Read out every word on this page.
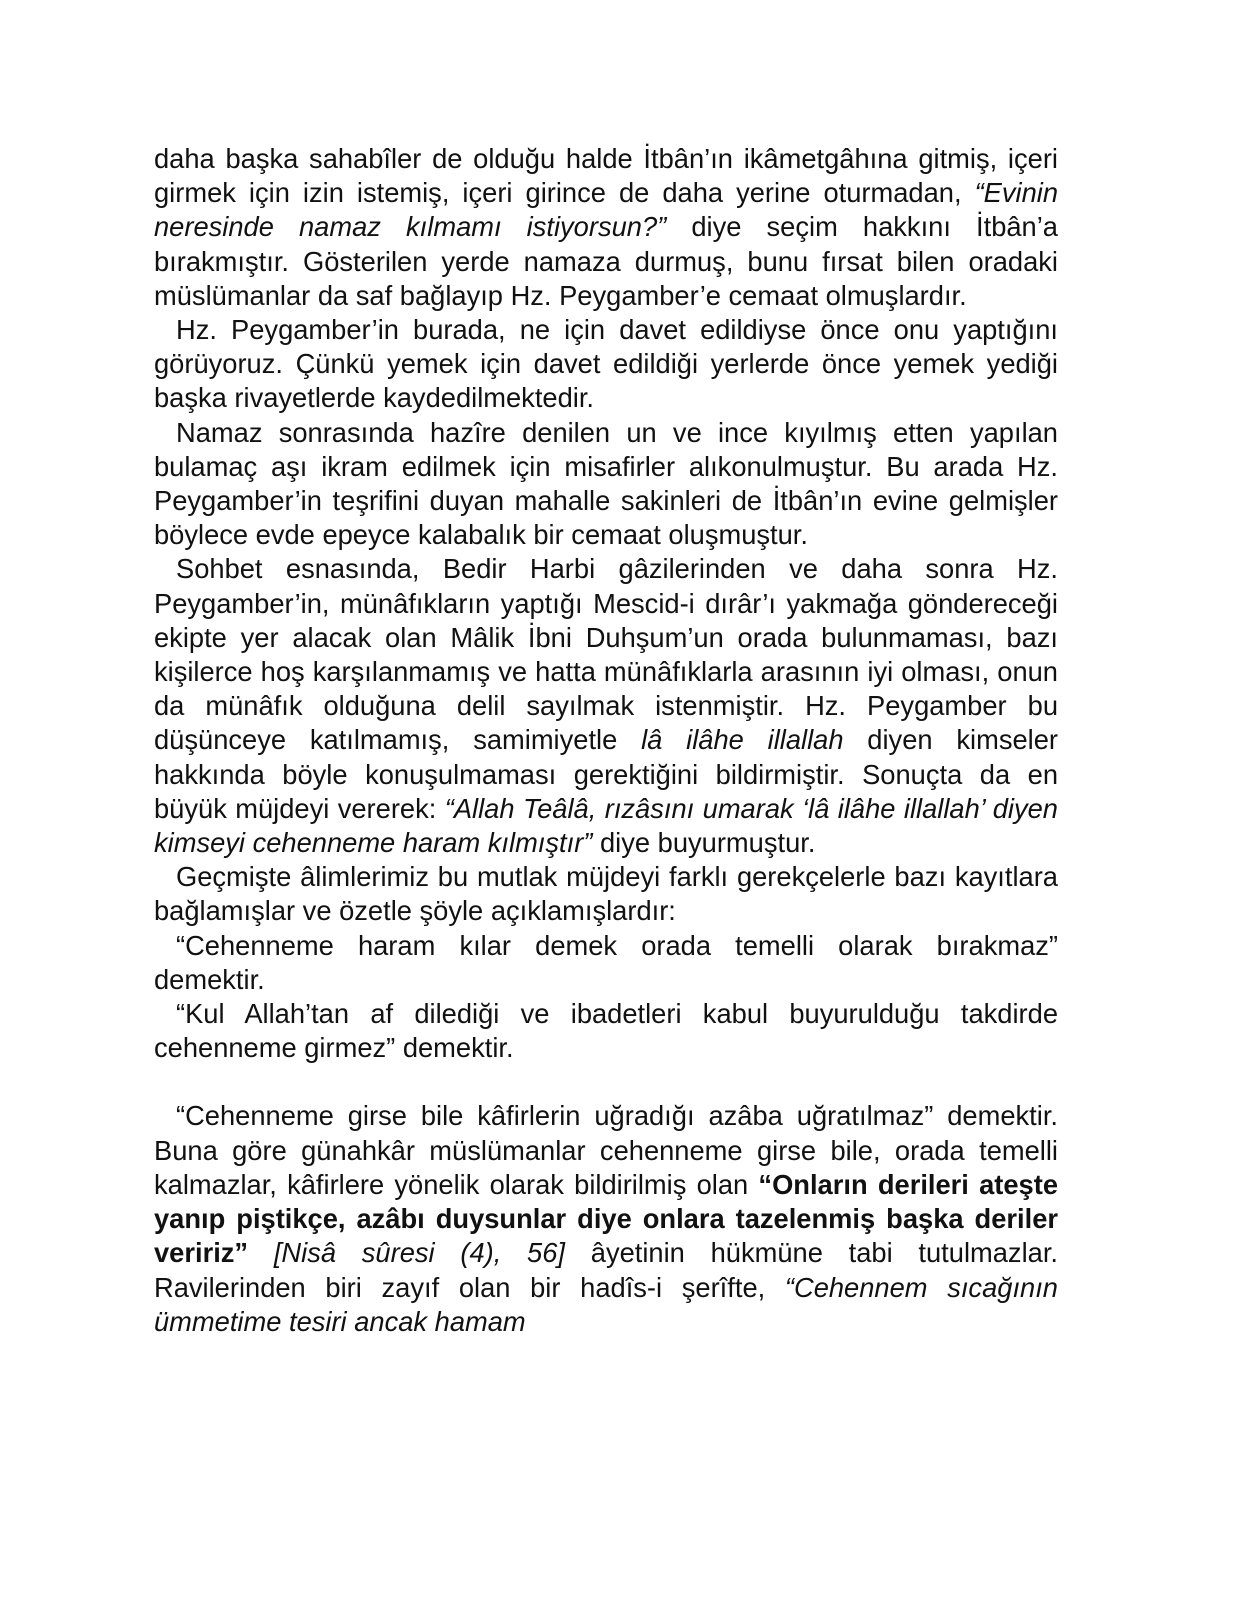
daha başka sahabîler de olduğu halde İtbân’ın ikâmetgâhına gitmiş, içeri girmek için izin istemiş, içeri girince de daha yerine oturmadan, “Evinin neresinde namaz kılmamı istiyorsun?” diye seçim hakkını İtbân’a bırakmıştır. Gösterilen yerde namaza durmuş, bunu fırsat bilen oradaki müslümanlar da saf bağlayıp Hz. Peygamber’e cemaat olmuşlardır.

Hz. Peygamber’in burada, ne için davet edildiyse önce onu yaptığını görüyoruz. Çünkü yemek için davet edildiği yerlerde önce yemek yediği başka rivayetlerde kaydedilmektedir.

Namaz sonrasında hazîre denilen un ve ince kıyılmış etten yapılan bulamaç aşı ikram edilmek için misafirler alıkonulmuştur. Bu arada Hz. Peygamber’in teşrifini duyan mahalle sakinleri de İtbân’ın evine gelmişler böylece evde epeyce kalabalık bir cemaat oluşmuştur.

Sohbet esnasında, Bedir Harbi gâzilerinden ve daha sonra Hz. Peygamber’in, münâfıkların yaptığı Mescid-i dırâr’ı yakmağa göndereceği ekipte yer alacak olan Mâlik İbni Duhşum’un orada bulunmaması, bazı kişilerce hoş karşılanmamış ve hatta münâfıklarla arasının iyi olması, onun da münâfık olduğuna delil sayılmak istenmiştir. Hz. Peygamber bu düşünceye katılmamış, samimiyetle lâ ilâhe illallah diyen kimseler hakkında böyle konuşulmaması gerektiğini bildirmiştir. Sonuçta da en büyük müjdeyi vererek: “Allah Teâlâ, rızâsını umarak ‘lâ ilâhe illallah’ diyen kimseyi cehenneme haram kılmıştır” diye buyurmuştur.

Geçmişte âlimlerimiz bu mutlak müjdeyi farklı gerekçelerle bazı kayıtlara bağlamışlar ve özetle şöyle açıklamışlardır:

“Cehenneme haram kılar demek orada temelli olarak bırakmaz” demektir.

“Kul Allah’tan af dilediği ve ibadetleri kabul buyurulduğu takdirde cehenneme girmez” demektir.

“Cehenneme girse bile kâfirlerin uğradığı azâba uğratılmaz” demektir. Buna göre günahkâr müslümanlar cehenneme girse bile, orada temelli kalmazlar, kâfirlere yönelik olarak bildirilmiş olan “Onların derileri ateşte yanıp piştikçe, azâbı duysunlar diye onlara tazelenmiş başka deriler veririz” [Nisâ sûresi (4), 56] âyetinin hükmüne tabi tutulmazlar. Ravilerinden biri zayıf olan bir hadîs-i şerîfte, “Cehennem sıcağının ümmetime tesiri ancak hamam
